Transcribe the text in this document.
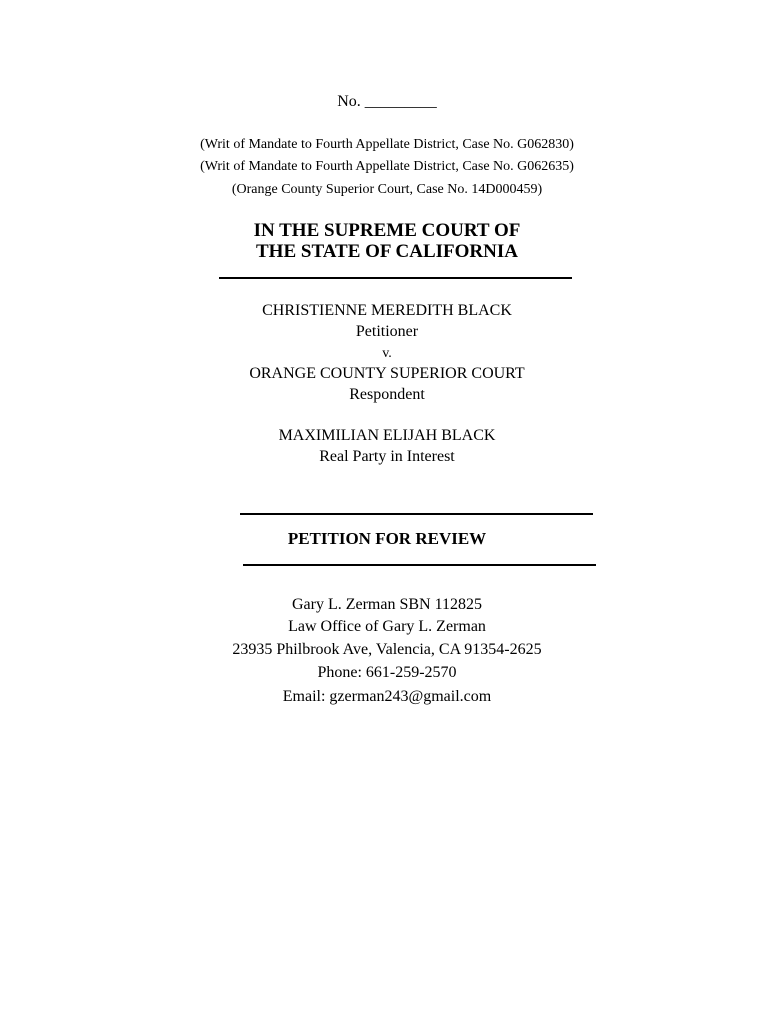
No. _________
(Writ of Mandate to Fourth Appellate District, Case No. G062830)
(Writ of Mandate to Fourth Appellate District, Case No. G062635)
(Orange County Superior Court, Case No. 14D000459)
IN THE SUPREME COURT OF
THE STATE OF CALIFORNIA
CHRISTIENNE MEREDITH BLACK
Petitioner
v.
ORANGE COUNTY SUPERIOR COURT
Respondent
MAXIMILIAN ELIJAH BLACK
Real Party in Interest
PETITION FOR REVIEW
Gary L. Zerman SBN 112825
Law Office of Gary L. Zerman
23935 Philbrook Ave, Valencia, CA 91354-2625
Phone: 661-259-2570
Email: gzerman243@gmail.com
